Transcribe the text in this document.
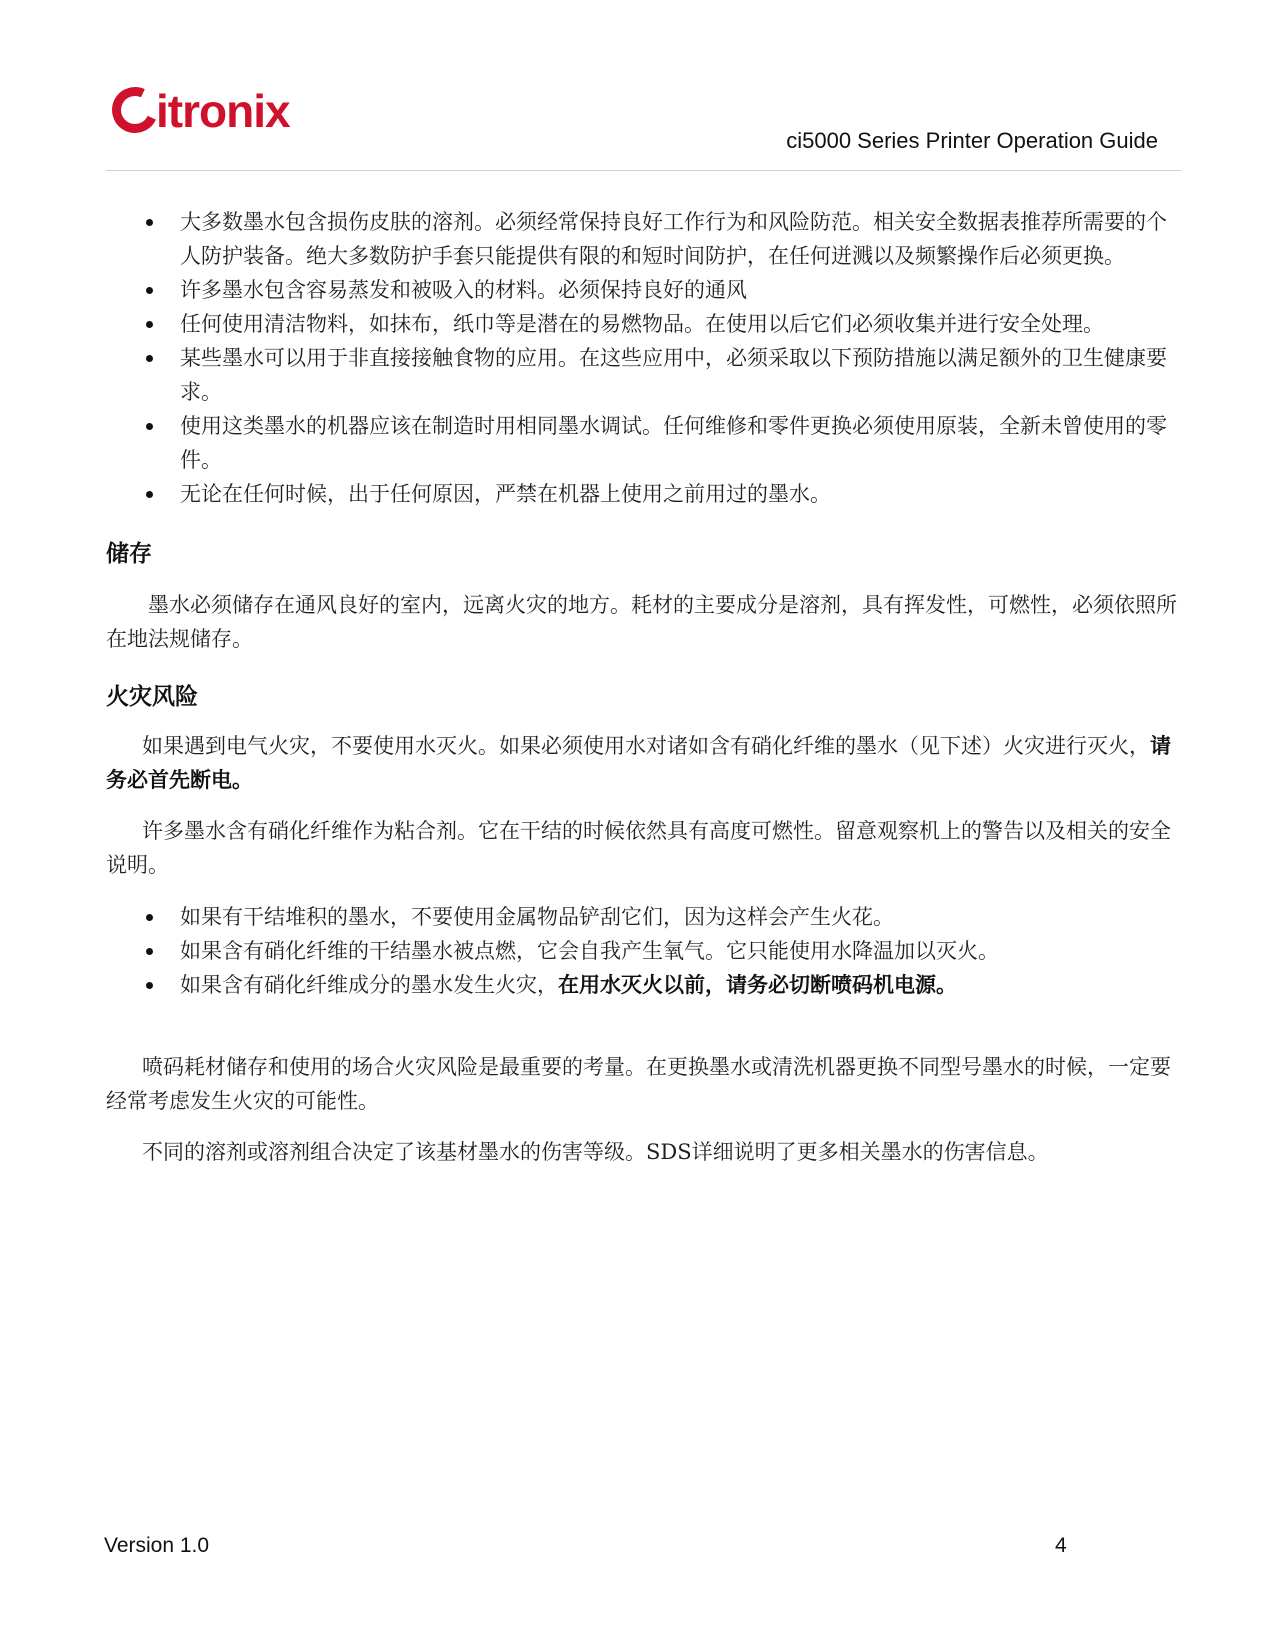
itronix
ci5000 Series Printer Operation Guide
大多数墨水包含损伤皮肤的溶剂。必须经常保持良好工作行为和风险防范。相关安全数据表推荐所需要的个人防护装备。绝大多数防护手套只能提供有限的和短时间防护，在任何迸溅以及频繁操作后必须更换。
许多墨水包含容易蒸发和被吸入的材料。必须保持良好的通风
任何使用清洁物料，如抹布，纸巾等是潜在的易燃物品。在使用以后它们必须收集并进行安全处理。
某些墨水可以用于非直接接触食物的应用。在这些应用中，必须采取以下预防措施以满足额外的卫生健康要求。
使用这类墨水的机器应该在制造时用相同墨水调试。任何维修和零件更换必须使用原装，全新未曾使用的零件。
无论在任何时候，出于任何原因，严禁在机器上使用之前用过的墨水。
储存

墨水必须储存在通风良好的室内，远离火灾的地方。耗材的主要成分是溶剂，具有挥发性，可燃性，必须依照所在地法规储存。

火灾风险

如果遇到电气火灾，不要使用水灭火。如果必须使用水对诸如含有硝化纤维的墨水（见下述）火灾进行灭火，请务必首先断电。

许多墨水含有硝化纤维作为粘合剂。它在干结的时候依然具有高度可燃性。留意观察机上的警告以及相关的安全说明。

如果有干结堆积的墨水，不要使用金属物品铲刮它们，因为这样会产生火花。
如果含有硝化纤维的干结墨水被点燃，它会自我产生氧气。它只能使用水降温加以灭火。
如果含有硝化纤维成分的墨水发生火灾，在用水灭火以前，请务必切断喷码机电源。

喷码耗材储存和使用的场合火灾风险是最重要的考量。在更换墨水或清洗机器更换不同型号墨水的时候，一定要经常考虑发生火灾的可能性。

不同的溶剂或溶剂组合决定了该基材墨水的伤害等级。SDS详细说明了更多相关墨水的伤害信息。

Version 1.0	4
